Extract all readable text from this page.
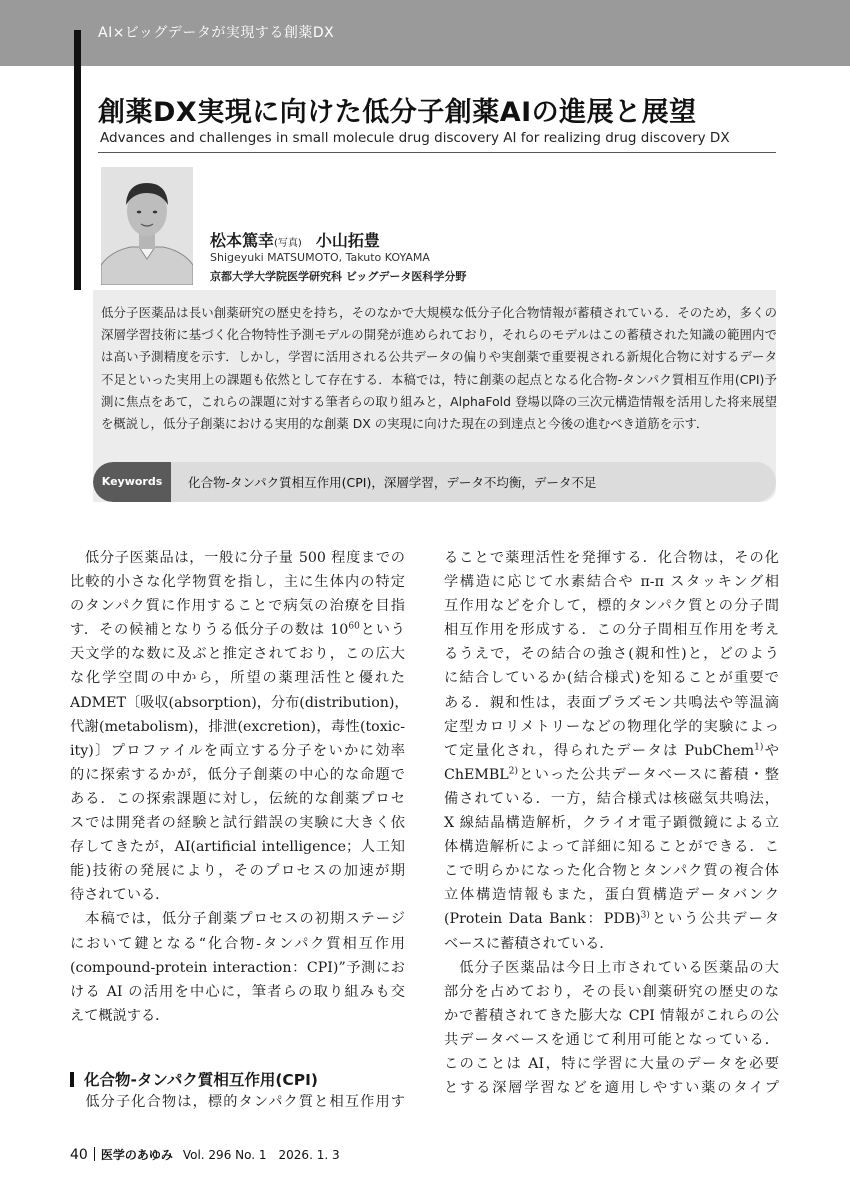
AI×ビッグデータが実現する創薬DX
創薬DX実現に向けた低分子創薬AIの進展と展望
Advances and challenges in small molecule drug discovery AI for realizing drug discovery DX
松本篤幸(写真) 小山拓豊
Shigeyuki MATSUMOTO, Takuto KOYAMA
京都大学大学院医学研究科 ビッグデータ医科学分野
低分子医薬品は長い創薬研究の歴史を持ち，そのなかで大規模な低分子化合物情報が蓄積されている．そのため，多くの深層学習技術に基づく化合物特性予測モデルの開発が進められており，それらのモデルはこの蓄積された知識の範囲内では高い予測精度を示す．しかし，学習に活用される公共データの偏りや実創薬で重要視される新規化合物に対するデータ不足といった実用上の課題も依然として存在する．本稿では，特に創薬の起点となる化合物-タンパク質相互作用(CPI)予測に焦点をあて，これらの課題に対する筆者らの取り組みと，AlphaFold 登場以降の三次元構造情報を活用した将来展望を概説し，低分子創薬における実用的な創薬 DX の実現に向けた現在の到達点と今後の進むべき道筋を示す．
Keywords	化合物-タンパク質相互作用(CPI)，深層学習，データ不均衡，データ不足
　低分子医薬品は，一般に分子量 500 程度までの
比較的小さな化学物質を指し，主に生体内の特定
のタンパク質に作用することで病気の治療を目指
す．その候補となりうる低分子の数は $10^{60}$という
天文学的な数に及ぶと推定されており，この広大
な化学空間の中から，所望の薬理活性と優れた
ADMET〔吸収(absorption)，分布(distribution)，
代謝(metabolism)，排泄(excretion)，毒性(toxic-
ity)〕プロファイルを両立する分子をいかに効率
的に探索するかが，低分子創薬の中心的な命題で
ある．この探索課題に対し，伝統的な創薬プロセ
スでは開発者の経験と試行錯誤の実験に大きく依
存してきたが，AI(artificial intelligence；人工知
能)技術の発展により，そのプロセスの加速が期
待されている．
　本稿では，低分子創薬プロセスの初期ステージ
において鍵となる“化合物-タンパク質相互作用
(compound-protein interaction：CPI)”予測にお
ける AI の活用を中心に，筆者らの取り組みも交
えて概説する．
化合物-タンパク質相互作用(CPI)
　低分子化合物は，標的タンパク質と相互作用す
ることで薬理活性を発揮する．化合物は，その化
学構造に応じて水素結合や π-π スタッキング相
互作用などを介して，標的タンパク質との分子間
相互作用を形成する．この分子間相互作用を考え
るうえで，その結合の強さ(親和性)と，どのよう
に結合しているか(結合様式)を知ることが重要で
ある．親和性は，表面プラズモン共鳴法や等温滴
定型カロリメトリーなどの物理化学的実験によっ
て定量化され，得られたデータは PubChem$^{1)}$や
ChEMBL$^{2)}$といった公共データベースに蓄積・整
備されている．一方，結合様式は核磁気共鳴法，
X 線結晶構造解析，クライオ電子顕微鏡による立
体構造解析によって詳細に知ることができる．こ
こで明らかになった化合物とタンパク質の複合体
立体構造情報もまた，蛋白質構造データバンク
(Protein Data Bank：PDB)$^{3)}$という公共データ
ベースに蓄積されている．
　低分子医薬品は今日上市されている医薬品の大
部分を占めており，その長い創薬研究の歴史のな
かで蓄積されてきた膨大な CPI 情報がこれらの公
共データベースを通じて利用可能となっている．
このことは AI，特に学習に大量のデータを必要
とする深層学習などを適用しやすい薬のタイプ
40 医学のあゆみ Vol. 296 No. 1　 2026. 1. 3
